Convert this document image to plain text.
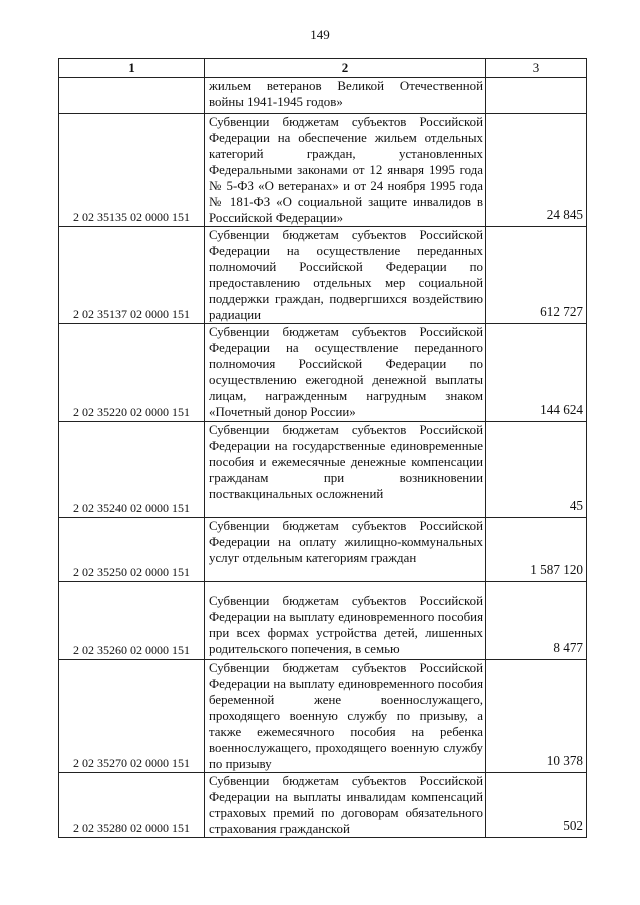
149
1	2	3
	жильем ветеранов Великой Отечественной войны 1941-1945 годов»	
2 02 35135 02 0000 151	Субвенции бюджетам субъектов Российской Федерации на обеспечение жильем отдельных категорий граждан, установленных Федеральными законами от 12 января 1995 года № 5-ФЗ «О ветеранах» и от 24 ноября 1995 года № 181-ФЗ «О социальной защите инвалидов в Российской Федерации»	24 845
2 02 35137 02 0000 151	Субвенции бюджетам субъектов Российской Федерации на осуществление переданных полномочий Российской Федерации по предоставлению отдельных мер социальной поддержки граждан, подвергшихся воздействию радиации	612 727
2 02 35220 02 0000 151	Субвенции бюджетам субъектов Российской Федерации на осуществление переданного полномочия Российской Федерации по осуществлению ежегодной денежной выплаты лицам, награжденным нагрудным знаком «Почетный донор России»	144 624
2 02 35240 02 0000 151	Субвенции бюджетам субъектов Российской Федерации на государственные единовременные пособия и ежемесячные денежные компенсации гражданам при возникновении поствакцинальных осложнений	45
2 02 35250 02 0000 151	Субвенции бюджетам субъектов Российской Федерации на оплату жилищно-коммунальных услуг отдельным категориям граждан	1 587 120
2 02 35260 02 0000 151	Субвенции бюджетам субъектов Российской Федерации на выплату единовременного пособия при всех формах устройства детей, лишенных родительского попечения, в семью	8 477
2 02 35270 02 0000 151	Субвенции бюджетам субъектов Российской Федерации на выплату единовременного пособия беременной жене военнослужащего, проходящего военную службу по призыву, а также ежемесячного пособия на ребенка военнослужащего, проходящего военную службу по призыву	10 378
2 02 35280 02 0000 151	Субвенции бюджетам субъектов Российской Федерации на выплаты инвалидам компенсаций страховых премий по договорам обязательного страхования гражданской	502
